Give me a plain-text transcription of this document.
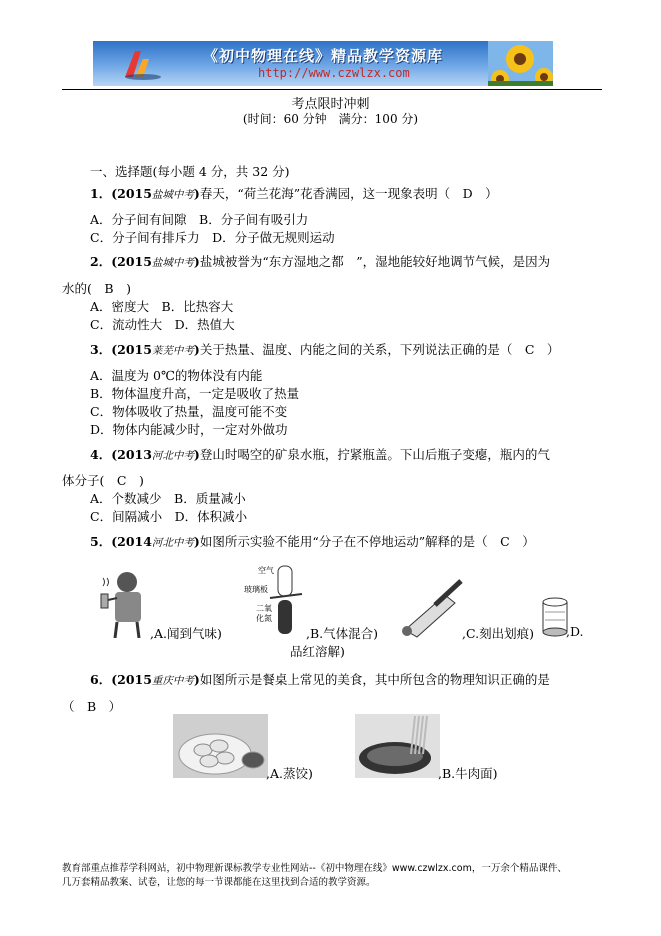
《初中物理在线》精品教学资源库
http://www.czwlzx.com
考点限时冲刺
(时间：60 分钟　满分：100 分)
一、选择题(每小题 4 分，共 32 分)
1．(2015盐城中考)春天，“荷兰花海”花香满园，这一现象表明（　D　）
A．分子间有间隙　B．分子间有吸引力
C．分子间有排斥力　D．分子做无规则运动
2．(2015盐城中考)盐城被誉为“东方湿地之都　”，湿地能较好地调节气候，是因为
水的(　B　)
A．密度大　B．比热容大
C．流动性大　D．热值大
3．(2015莱芜中考)关于热量、温度、内能之间的关系，下列说法正确的是（　C　）
A．温度为 0℃的物体没有内能
B．物体温度升高，一定是吸收了热量
C．物体吸收了热量，温度可能不变
D．物体内能减少时，一定对外做功
4．(2013河北中考)登山时喝空的矿泉水瓶，拧紧瓶盖。下山后瓶子变瘪，瓶内的气
体分子(　C　)
A．个数减少　B．质量减小
C．间隔减小　D．体积减小
5．(2014河北中考)如图所示实验不能用“分子在不停地运动”解释的是（　C　）
,A.闻到气味)
空气
玻璃板
二氧
化氮
,B.气体混合)	,C.刻出划痕)	,D.
品红溶解)
6．(2015重庆中考)如图所示是餐桌上常见的美食，其中所包含的物理知识正确的是
（　B　）
,A.蒸饺)	,B.牛肉面)
教育部重点推荐学科网站，初中物理新课标教学专业性网站--《初中物理在线》www.czwlzx.com，一万余个精品课件、
几万套精品教案、试卷，让您的每一节课都能在这里找到合适的教学资源。
